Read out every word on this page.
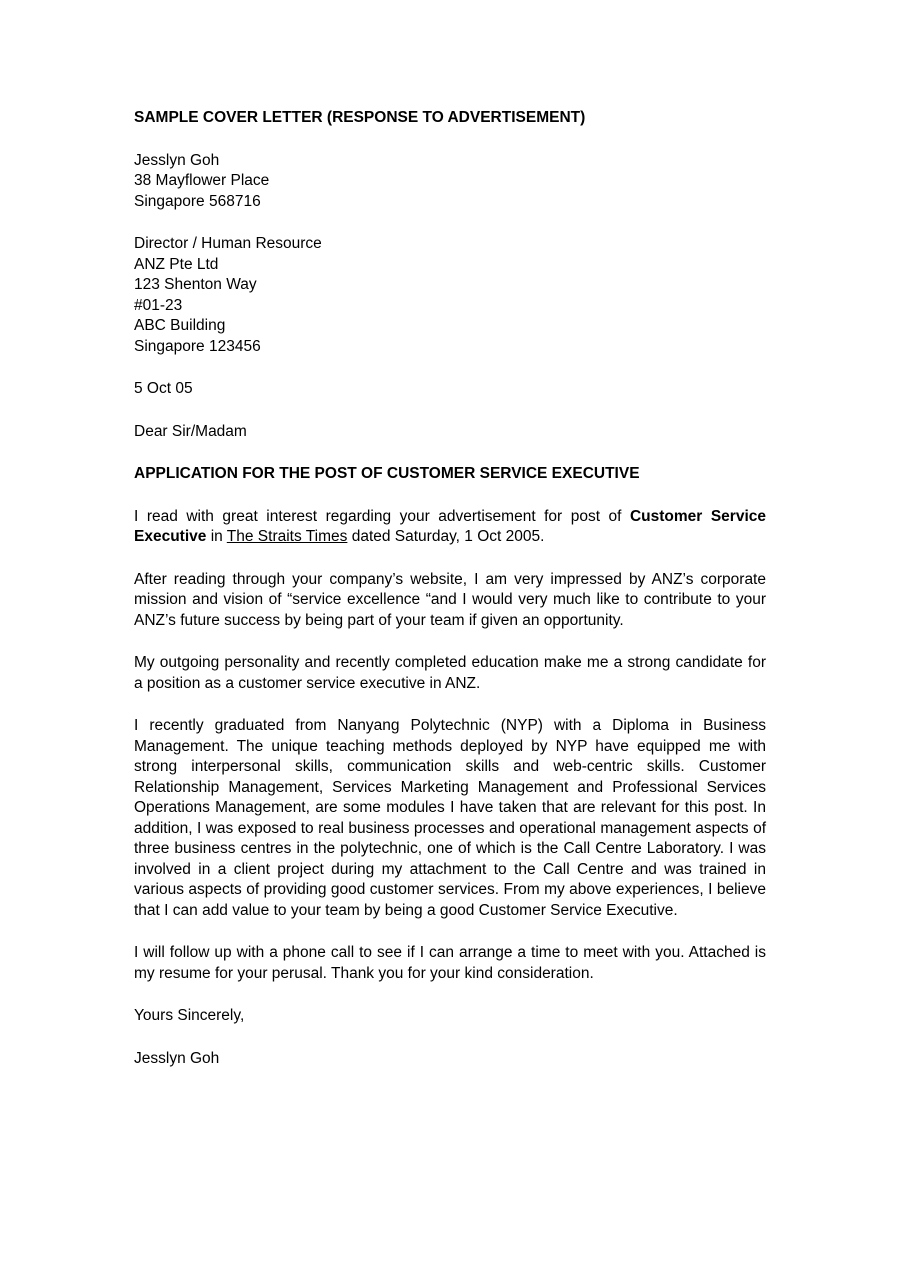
SAMPLE COVER LETTER (RESPONSE TO ADVERTISEMENT)
Jesslyn Goh
38 Mayflower Place
Singapore 568716
Director / Human Resource
ANZ Pte Ltd
123 Shenton Way
#01-23
ABC Building
Singapore 123456
5 Oct 05
Dear Sir/Madam
APPLICATION FOR THE POST OF CUSTOMER SERVICE EXECUTIVE

I read with great interest regarding your advertisement for post of Customer Service Executive in The Straits Times dated Saturday, 1 Oct 2005.

After reading through your company’s website, I am very impressed by ANZ’s corporate mission and vision of “service excellence “and I would very much like to contribute to your ANZ’s future success by being part of your team if given an opportunity.

My outgoing personality and recently completed education make me a strong candidate for a position as a customer service executive in ANZ.

I recently graduated from Nanyang Polytechnic (NYP) with a Diploma in Business Management. The unique teaching methods deployed by NYP have equipped me with strong interpersonal skills, communication skills and web-centric skills. Customer Relationship Management, Services Marketing Management and Professional Services Operations Management, are some modules I have taken that are relevant for this post. In addition, I was exposed to real business processes and operational management aspects of three business centres in the polytechnic, one of which is the Call Centre Laboratory. I was involved in a client project during my attachment to the Call Centre and was trained in various aspects of providing good customer services. From my above experiences, I believe that I can add value to your team by being a good Customer Service Executive.

I will follow up with a phone call to see if I can arrange a time to meet with you. Attached is my resume for your perusal. Thank you for your kind consideration.

Yours Sincerely,
Jesslyn Goh
